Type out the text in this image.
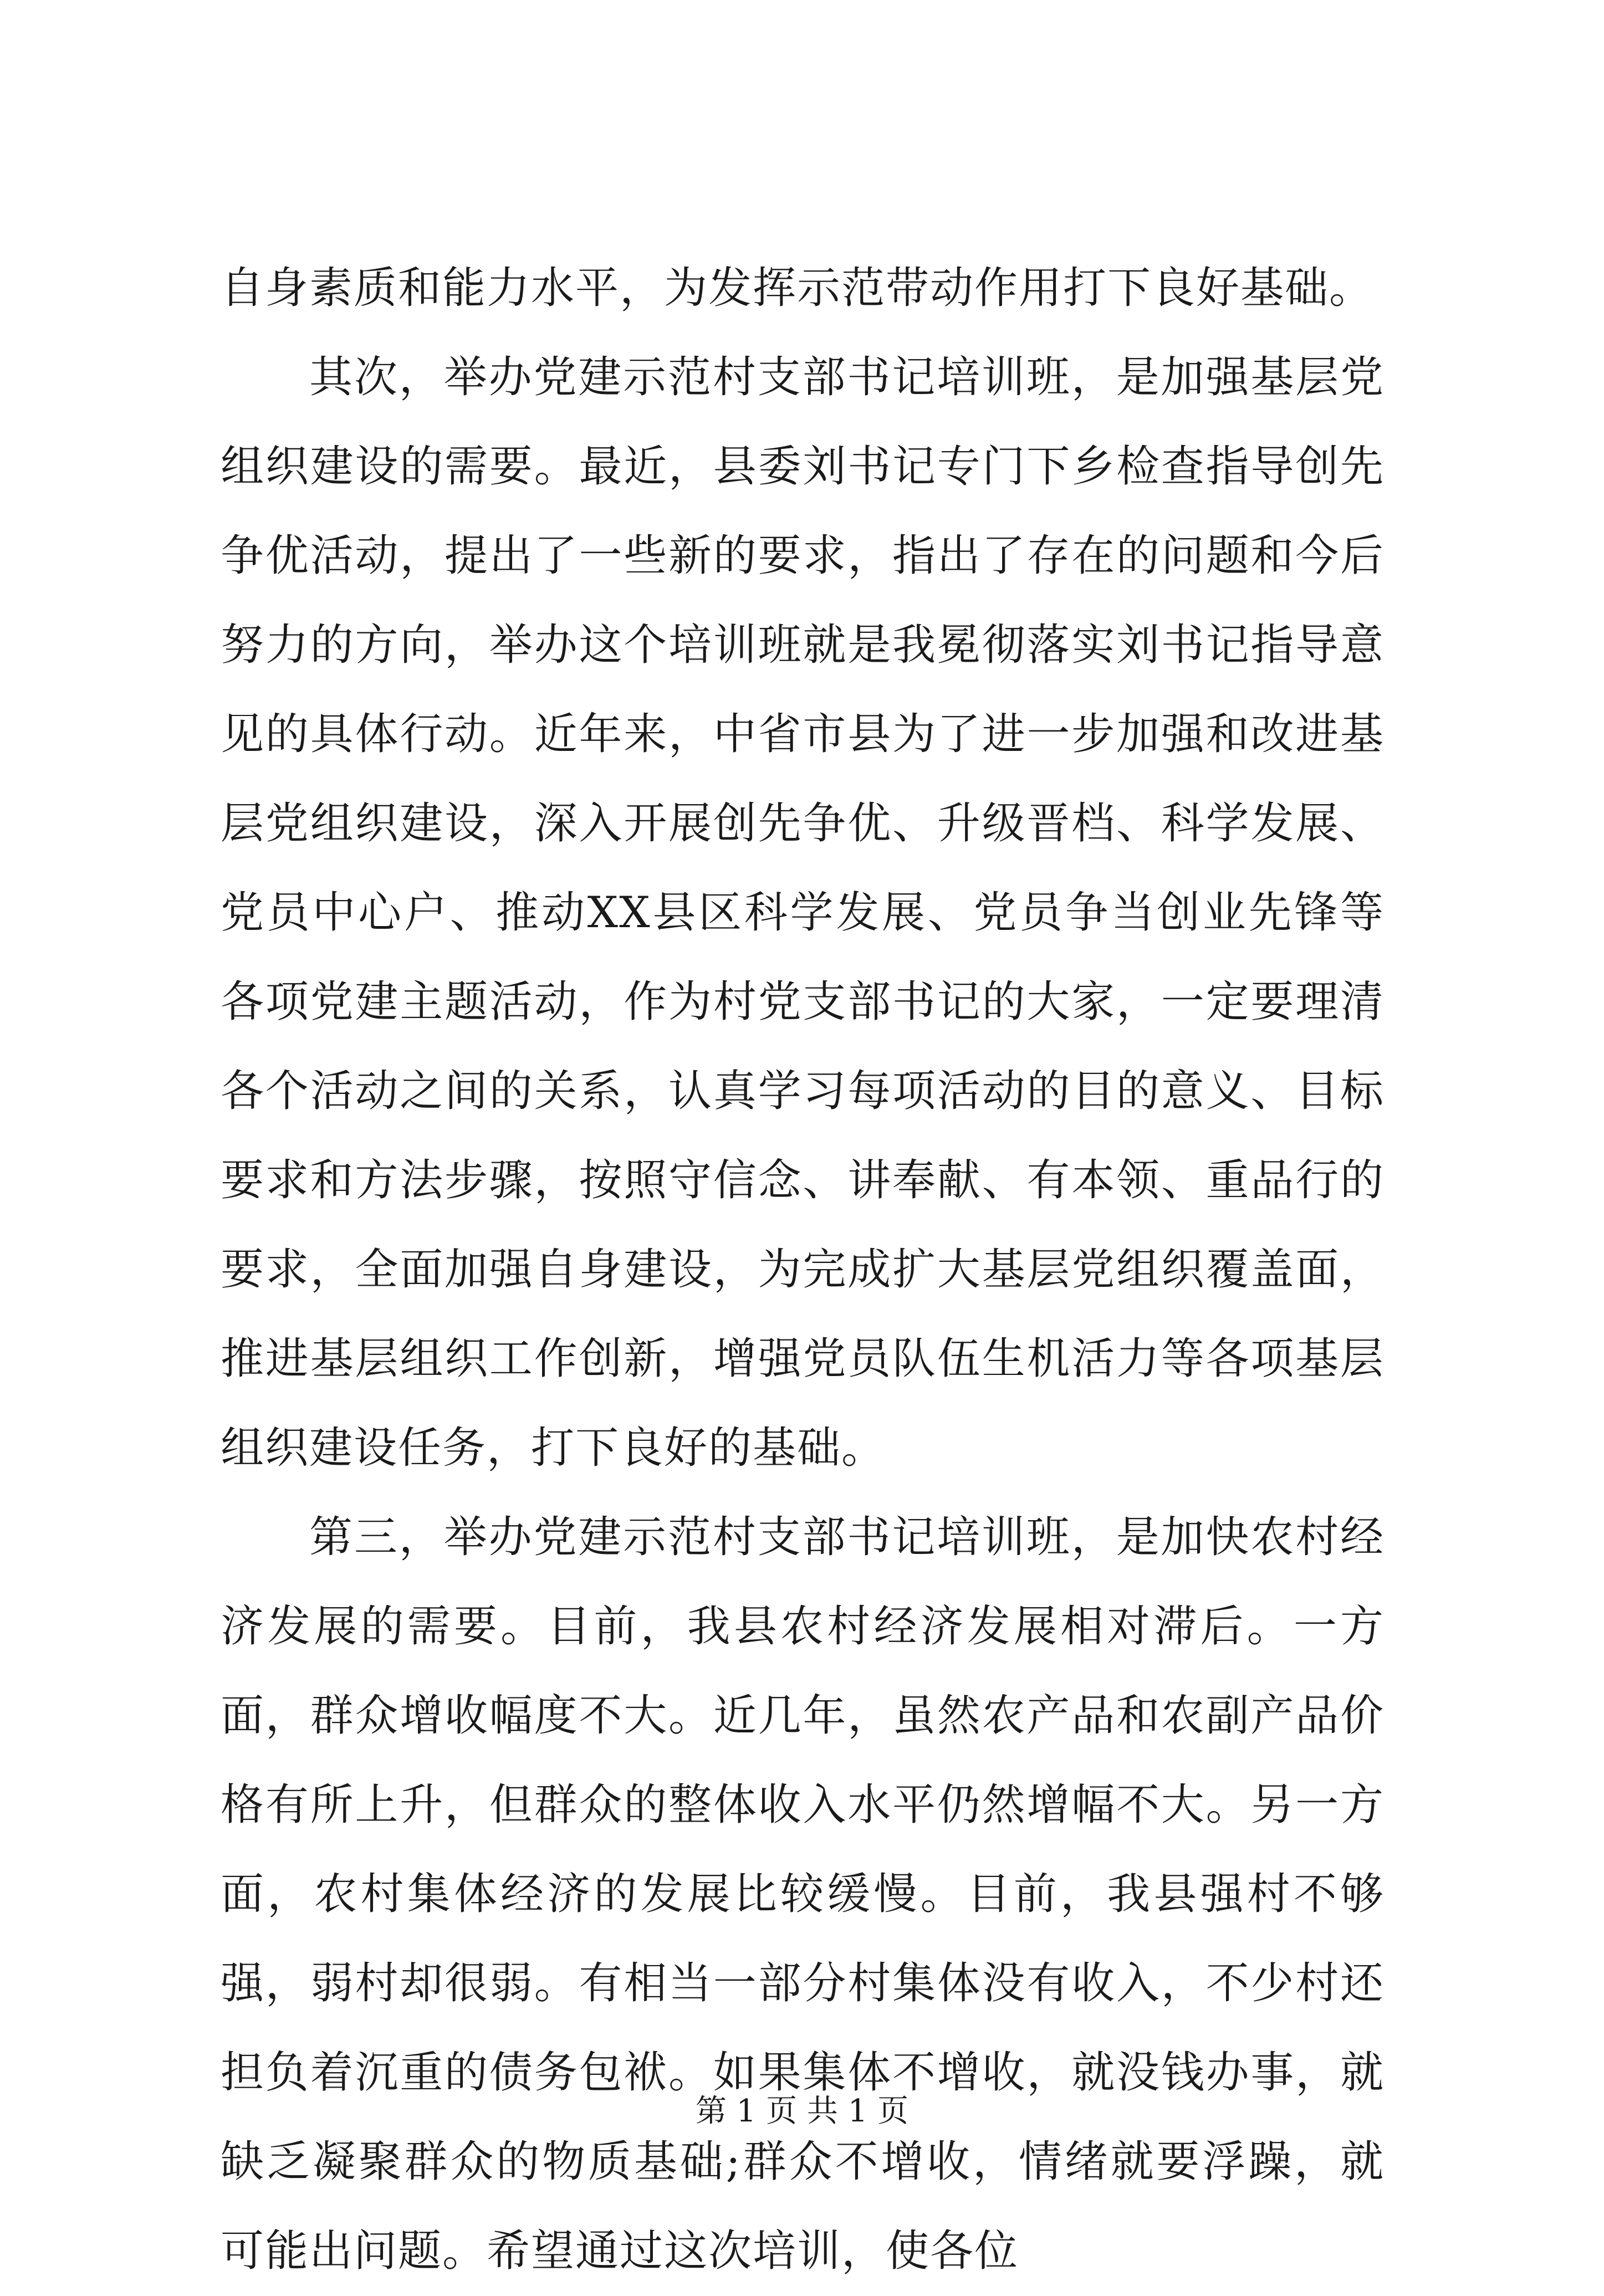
自身素质和能力水平，为发挥示范带动作用打下良好基础。

其次，举办党建示范村支部书记培训班，是加强基层党组织建设的需要。最近，县委刘书记专门下乡检查指导创先争优活动，提出了一些新的要求，指出了存在的问题和今后努力的方向，举办这个培训班就是我冕彻落实刘书记指导意见的具体行动。近年来，中省市县为了进一步加强和改进基层党组织建设，深入开展创先争优、升级晋档、科学发展、党员中心户、推动XX县区科学发展、党员争当创业先锋等各项党建主题活动，作为村党支部书记的大家，一定要理清各个活动之间的关系，认真学习每项活动的目的意义、目标要求和方法步骤，按照守信念、讲奉献、有本领、重品行的要求，全面加强自身建设，为完成扩大基层党组织覆盖面，推进基层组织工作创新，增强党员队伍生机活力等各项基层组织建设任务，打下良好的基础。

第三，举办党建示范村支部书记培训班，是加快农村经济发展的需要。目前，我县农村经济发展相对滞后。一方面，群众增收幅度不大。近几年，虽然农产品和农副产品价格有所上升，但群众的整体收入水平仍然增幅不大。另一方面，农村集体经济的发展比较缓慢。目前，我县强村不够强，弱村却很弱。有相当一部分村集体没有收入，不少村还担负着沉重的债务包袱。如果集体不增收，就没钱办事，就缺乏凝聚群众的物质基础;群众不增收，情绪就要浮躁，就可能出问题。希望通过这次培训，使各位

第 1 页 共 1 页
